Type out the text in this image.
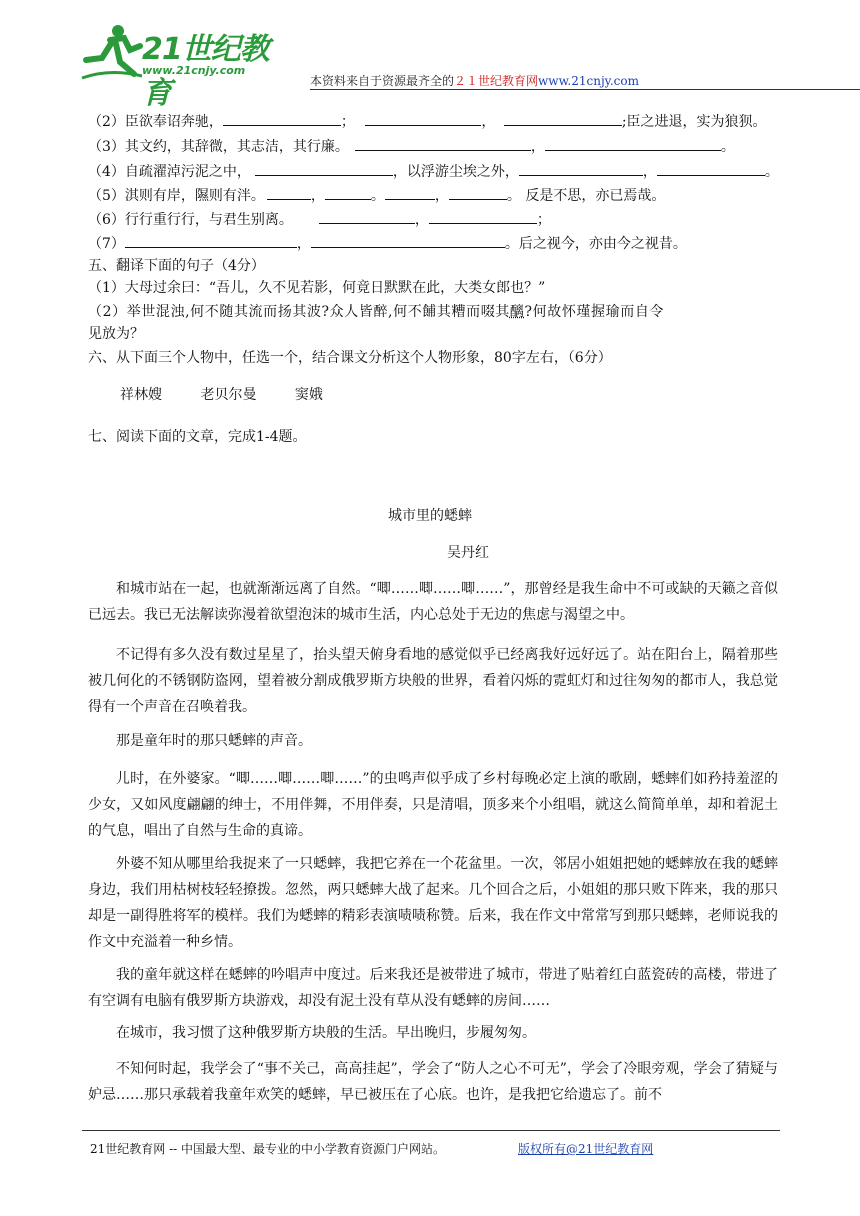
21世纪教育
www.21cnjy.com
本资料来自于资源最齐全的２１世纪教育网www.21cnjy.com
（2）臣欲奉诏奔驰，	；	，	;臣之进退，实为狼狈。
（3）其文约，其辞微，其志洁，其行廉。	，	。
（4）自疏濯淖污泥之中，	，以浮游尘埃之外，	，	。
（5）淇则有岸，隰则有泮。	，	。	，	。 反是不思，亦已焉哉。
（6）行行重行行，与君生别离。	，	；
（7）	，	。后之视今，亦由今之视昔。
五、翻译下面的句子（4分）
（1）大母过余曰：“吾儿，久不见若影，何竟日默默在此，大类女郎也？”
（2）举世混浊,何不随其流而扬其波?众人皆醉,何不餔其糟而啜其醨?何故怀瑾握瑜而自令
见放为？
六、从下面三个人物中，任选一个，结合课文分析这个人物形象，80字左右，（6分）
祥林嫂	老贝尔曼	窦娥
七、阅读下面的文章，完成1-4题。
城市里的蟋蟀
吴丹红
和城市站在一起，也就渐渐远离了自然。“唧……唧……唧……”，那曾经是我生命中不可或缺的天籁之音似已远去。我已无法解读弥漫着欲望泡沫的城市生活，内心总处于无边的焦虑与渴望之中。
不记得有多久没有数过星星了，抬头望天俯身看地的感觉似乎已经离我好远好远了。站在阳台上，隔着那些被几何化的不锈钢防盗网，望着被分割成俄罗斯方块般的世界，看着闪烁的霓虹灯和过往匆匆的都市人，我总觉得有一个声音在召唤着我。
那是童年时的那只蟋蟀的声音。
儿时，在外婆家。“唧……唧……唧……”的虫鸣声似乎成了乡村每晚必定上演的歌剧，蟋蟀们如矜持羞涩的少女，又如风度翩翩的绅士，不用伴舞，不用伴奏，只是清唱，顶多来个小组唱，就这么简简单单，却和着泥土的气息，唱出了自然与生命的真谛。
外婆不知从哪里给我捉来了一只蟋蟀，我把它养在一个花盆里。一次，邻居小姐姐把她的蟋蟀放在我的蟋蟀身边，我们用枯树枝轻轻撩拨。忽然，两只蟋蟀大战了起来。几个回合之后，小姐姐的那只败下阵来，我的那只却是一副得胜将军的模样。我们为蟋蟀的精彩表演啧啧称赞。后来，我在作文中常常写到那只蟋蟀，老师说我的作文中充溢着一种乡情。
我的童年就这样在蟋蟀的吟唱声中度过。后来我还是被带进了城市，带进了贴着红白蓝瓷砖的高楼，带进了有空调有电脑有俄罗斯方块游戏，却没有泥土没有草从没有蟋蟀的房间……
在城市，我习惯了这种俄罗斯方块般的生活。早出晚归，步履匆匆。
不知何时起，我学会了“事不关己，高高挂起”，学会了“防人之心不可无”，学会了冷眼旁观，学会了猜疑与妒忌……那只承载着我童年欢笑的蟋蟀，早已被压在了心底。也许，是我把它给遗忘了。前不
21世纪教育网 -- 中国最大型、最专业的中小学教育资源门户网站。	版权所有@21世纪教育网
